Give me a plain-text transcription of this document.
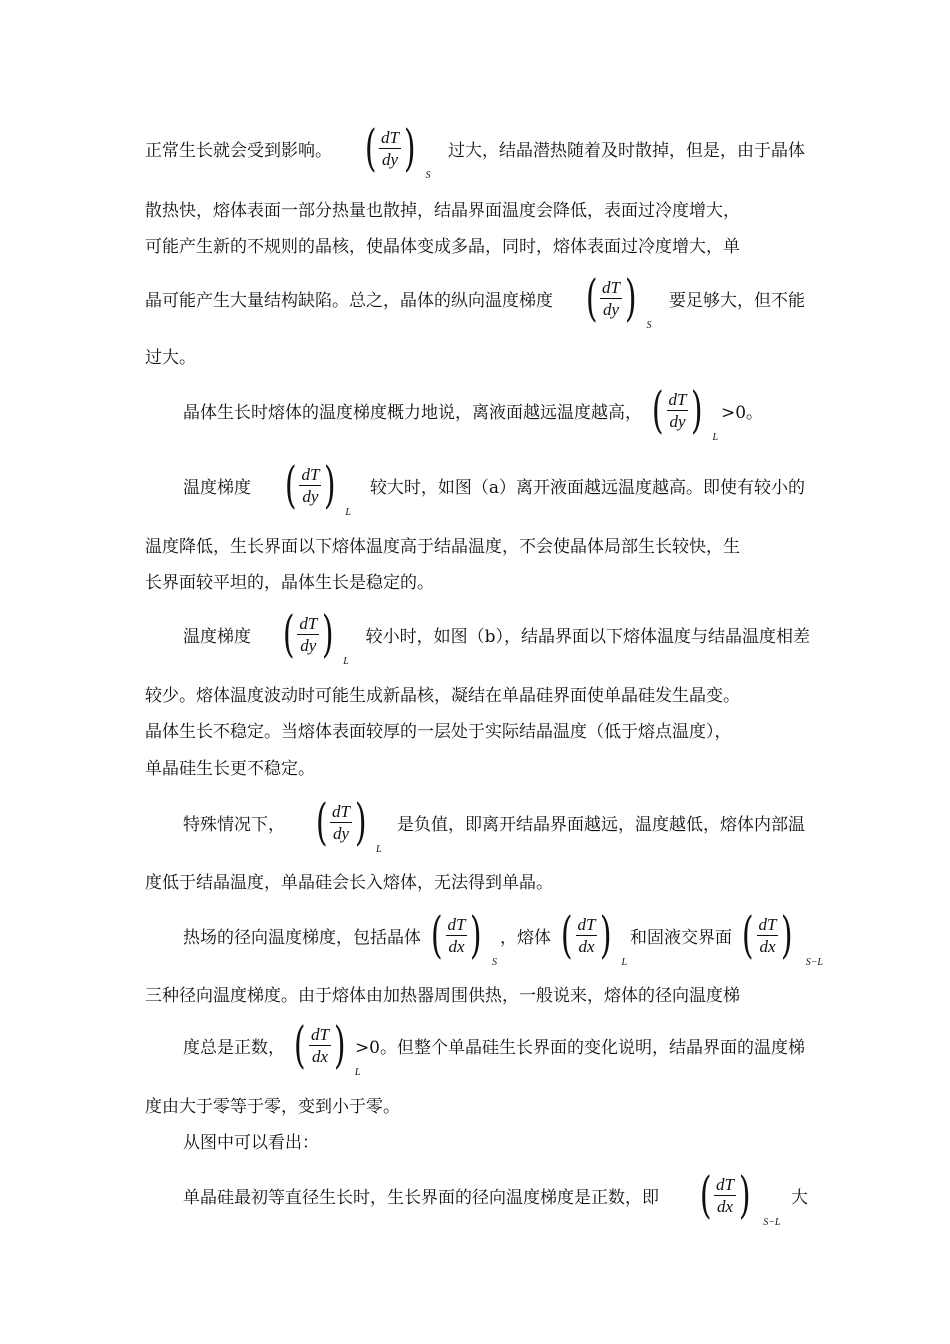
正常生长就会受到影响。 ( $\frac{dT}{dy}$ ) S
过大，结晶潜热随着及时散掉，但是，由于晶体
散热快，熔体表面一部分热量也散掉，结晶界面温度会降低，表面过冷度增大，
可能产生新的不规则的晶核，使晶体变成多晶，同时，熔体表面过冷度增大，单
晶可能产生大量结构缺陷。总之，晶体的纵向温度梯度 ( $\frac{dT}{dy}$ ) S
要足够大，但不能
过大。
晶体生长时熔体的温度梯度概力地说，离液面越远温度越高， ( $\frac{dT}{dy}$ ) L
>0。
温度梯度 ( $\frac{dT}{dy}$ ) L
较大时，如图（a）离开液面越远温度越高。即使有较小的
温度降低，生长界面以下熔体温度高于结晶温度，不会使晶体局部生长较快，生
长界面较平坦的，晶体生长是稳定的。
温度梯度 ( $\frac{dT}{dy}$ ) L
较小时，如图（b），结晶界面以下熔体温度与结晶温度相差
较少。熔体温度波动时可能生成新晶核，凝结在单晶硅界面使单晶硅发生晶变。
晶体生长不稳定。当熔体表面较厚的一层处于实际结晶温度（低于熔点温度），
单晶硅生长更不稳定。
特殊情况下， ( $\frac{dT}{dy}$ ) L
是负值，即离开结晶界面越远，温度越低，熔体内部温
度低于结晶温度，单晶硅会长入熔体，无法得到单晶。
热场的径向温度梯度，包括晶体 ( $\frac{dT}{dx}$ ) S
，熔体 ( $\frac{dT}{dx}$ ) L
和固液交界面 ( $\frac{dT}{dx}$ ) S−L
三种径向温度梯度。由于熔体由加热器周围供热，一般说来，熔体的径向温度梯
度总是正数， ( $\frac{dT}{dx}$ ) L
>0。但整个单晶硅生长界面的变化说明，结晶界面的温度梯
度由大于零等于零，变到小于零。
从图中可以看出：
单晶硅最初等直径生长时，生长界面的径向温度梯度是正数，即 ( $\frac{dT}{dx}$ ) S−L
大
